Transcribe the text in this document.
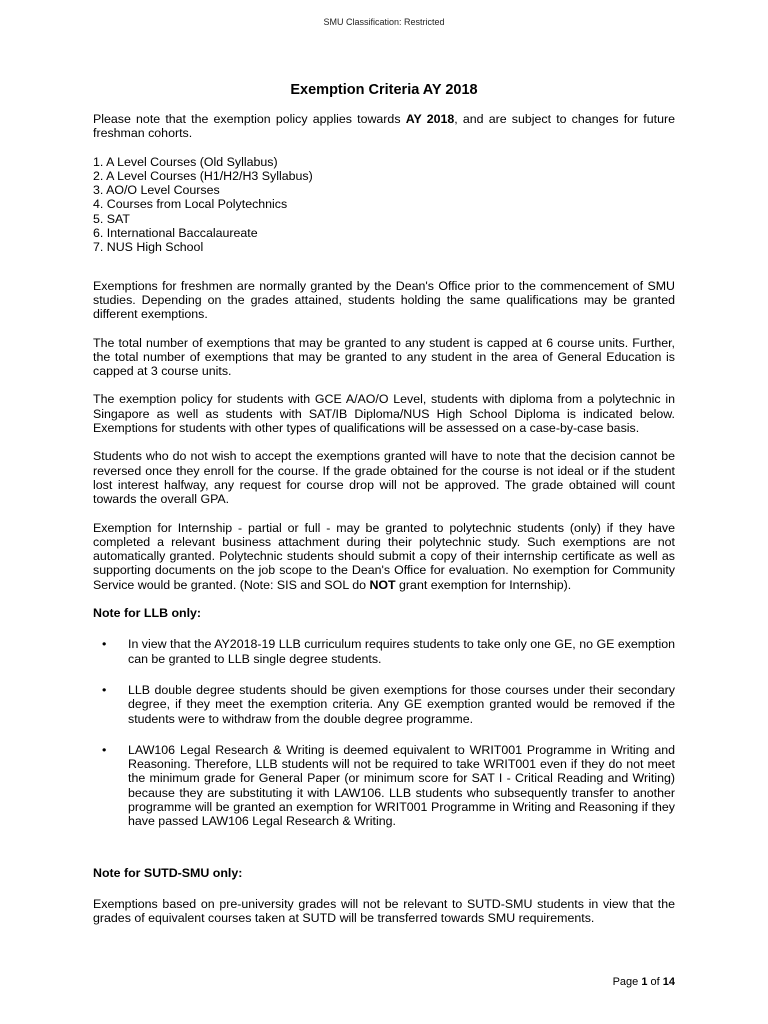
SMU Classification: Restricted
Exemption Criteria AY 2018

Please note that the exemption policy applies towards AY 2018, and are subject to changes for future freshman cohorts.

1. A Level Courses (Old Syllabus)
2. A Level Courses (H1/H2/H3 Syllabus)
3. AO/O Level Courses
4. Courses from Local Polytechnics
5. SAT
6. International Baccalaureate
7. NUS High School

Exemptions for freshmen are normally granted by the Dean's Office prior to the commencement of SMU studies. Depending on the grades attained, students holding the same qualifications may be granted different exemptions.

The total number of exemptions that may be granted to any student is capped at 6 course units. Further, the total number of exemptions that may be granted to any student in the area of General Education is capped at 3 course units.

The exemption policy for students with GCE A/AO/O Level, students with diploma from a polytechnic in Singapore as well as students with SAT/IB Diploma/NUS High School Diploma is indicated below. Exemptions for students with other types of qualifications will be assessed on a case-by-case basis.

Students who do not wish to accept the exemptions granted will have to note that the decision cannot be reversed once they enroll for the course. If the grade obtained for the course is not ideal or if the student lost interest halfway, any request for course drop will not be approved. The grade obtained will count towards the overall GPA.

Exemption for Internship - partial or full - may be granted to polytechnic students (only) if they have completed a relevant business attachment during their polytechnic study. Such exemptions are not automatically granted. Polytechnic students should submit a copy of their internship certificate as well as supporting documents on the job scope to the Dean's Office for evaluation. No exemption for Community Service would be granted. (Note: SIS and SOL do NOT grant exemption for Internship).

Note for LLB only:
• In view that the AY2018-19 LLB curriculum requires students to take only one GE, no GE exemption can be granted to LLB single degree students.
• LLB double degree students should be given exemptions for those courses under their secondary degree, if they meet the exemption criteria. Any GE exemption granted would be removed if the students were to withdraw from the double degree programme.
• LAW106 Legal Research & Writing is deemed equivalent to WRIT001 Programme in Writing and Reasoning. Therefore, LLB students will not be required to take WRIT001 even if they do not meet the minimum grade for General Paper (or minimum score for SAT I - Critical Reading and Writing) because they are substituting it with LAW106. LLB students who subsequently transfer to another programme will be granted an exemption for WRIT001 Programme in Writing and Reasoning if they have passed LAW106 Legal Research & Writing.
Note for SUTD-SMU only:

Exemptions based on pre-university grades will not be relevant to SUTD-SMU students in view that the grades of equivalent courses taken at SUTD will be transferred towards SMU requirements.

Page 1 of 14
